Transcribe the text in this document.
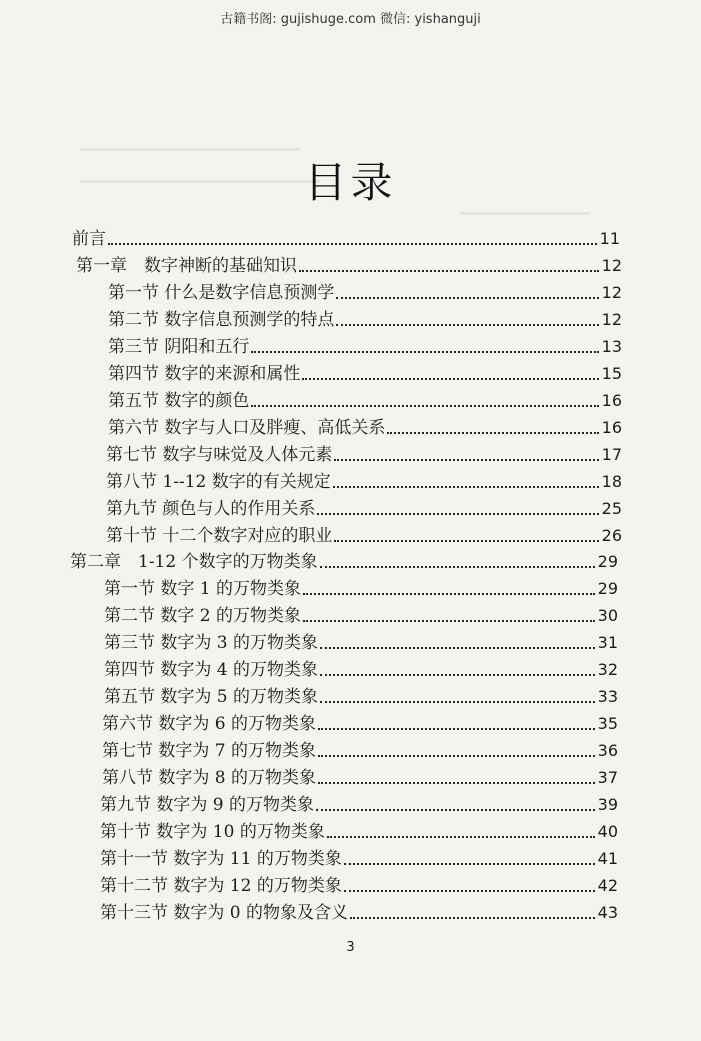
古籍书阁: gujishuge.com 微信: yishanguji
目录
前言	11
第一章　数字神断的基础知识	12
第一节 什么是数字信息预测学	12
第二节 数字信息预测学的特点	12
第三节 阴阳和五行	13
第四节 数字的来源和属性	15
第五节 数字的颜色	16
第六节 数字与人口及胖瘦、高低关系	16
第七节 数字与味觉及人体元素	17
第八节 1--12 数字的有关规定	18
第九节 颜色与人的作用关系	25
第十节 十二个数字对应的职业	26
第二章　1-12 个数字的万物类象	29
第一节 数字 1 的万物类象	29
第二节 数字 2 的万物类象	30
第三节 数字为 3 的万物类象	31
第四节 数字为 4 的万物类象	32
第五节 数字为 5 的万物类象	33
第六节 数字为 6 的万物类象	35
第七节 数字为 7 的万物类象	36
第八节 数字为 8 的万物类象	37
第九节 数字为 9 的万物类象	39
第十节 数字为 10 的万物类象	40
第十一节 数字为 11 的万物类象	41
第十二节 数字为 12 的万物类象	42
第十三节 数字为 0 的物象及含义	43
3
